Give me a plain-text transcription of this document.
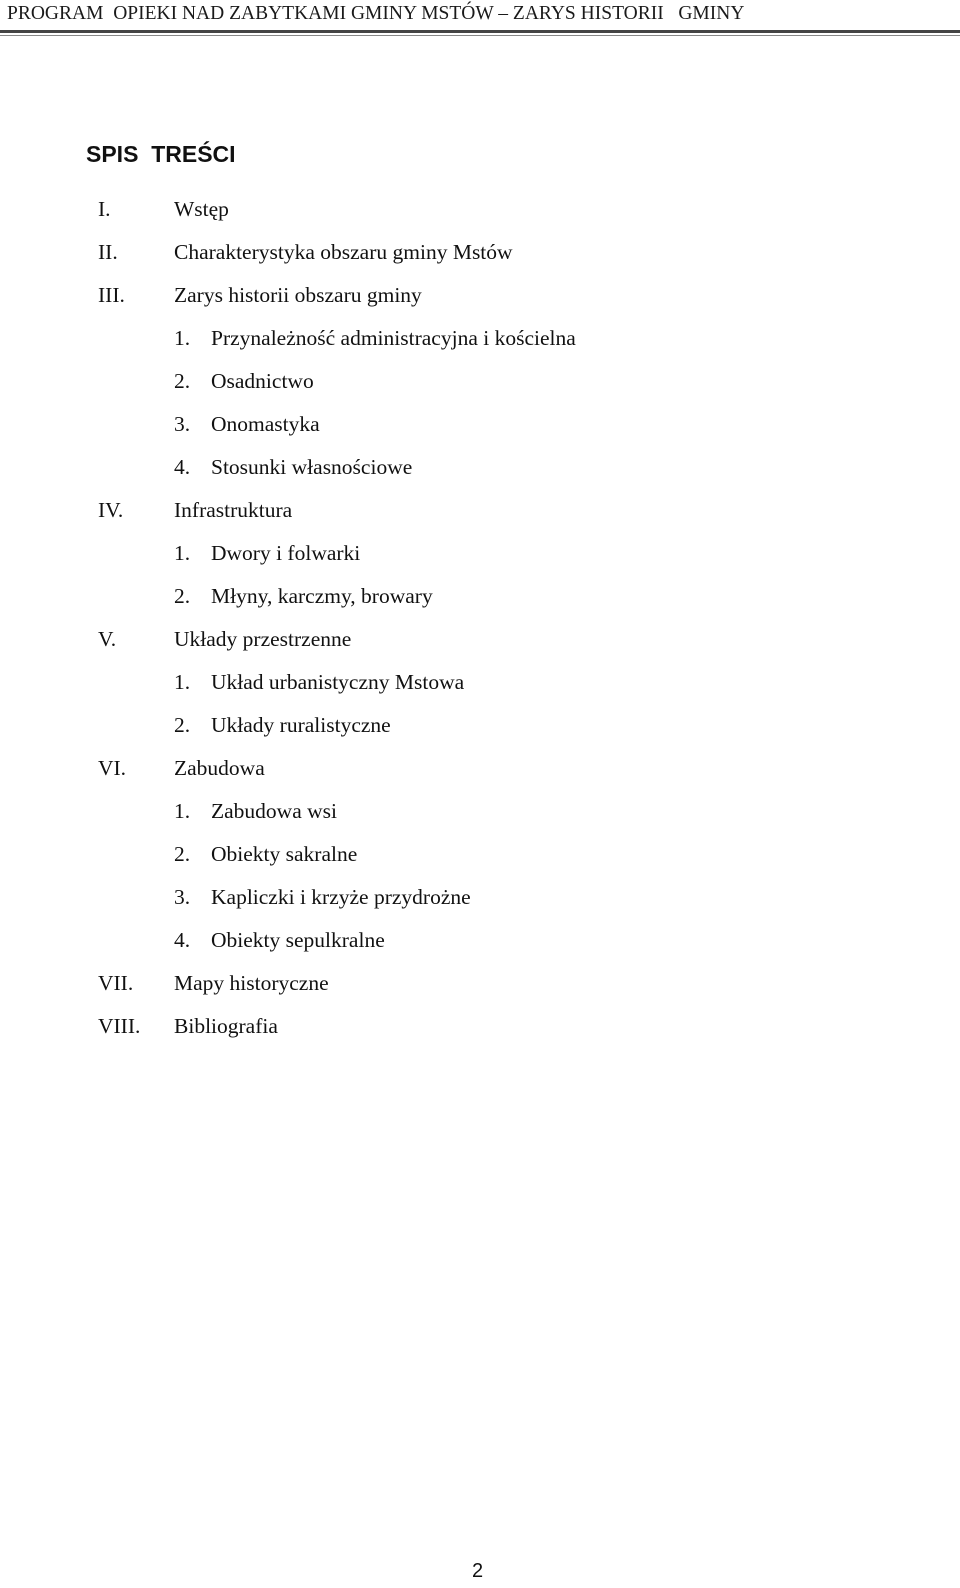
PROGRAM  OPIEKI NAD ZABYTKAMI GMINY MSTÓW – ZARYS HISTORII   GMINY
SPIS  TREŚCI
I.	Wstęp
II.	Charakterystyka obszaru gminy Mstów
III. Zarys historii obszaru gminy
1. Przynależność administracyjna i kościelna
2. Osadnictwo
3. Onomastyka
4. Stosunki własnościowe
IV. Infrastruktura
1. Dwory i folwarki
2. Młyny, karczmy, browary
V.	Układy przestrzenne
1. Układ urbanistyczny Mstowa
2. Układy ruralistyczne
VI. Zabudowa
1. Zabudowa wsi
2. Obiekty sakralne
3. Kapliczki i krzyże przydrożne
4. Obiekty sepulkralne
VII. Mapy historyczne
VIII. Bibliografia
2
